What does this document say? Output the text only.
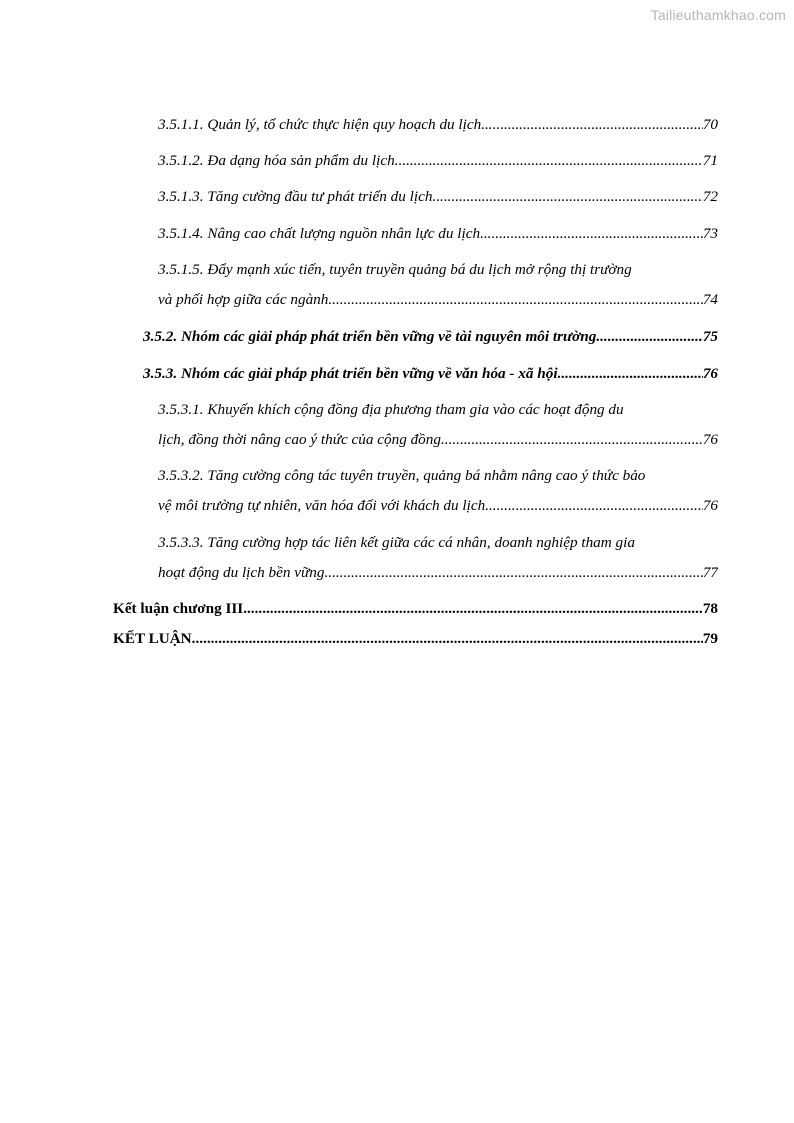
Tailieuthamkhao.com
3.5.1.1. Quản lý, tổ chức thực hiện quy hoạch du lịch .....	70
3.5.1.2. Đa dạng hóa sản phẩm du lịch .....	71
3.5.1.3. Tăng cường đầu tư phát triển du lịch .....	72
3.5.1.4. Nâng cao chất lượng nguồn nhân lực du lịch .....	73
3.5.1.5. Đẩy mạnh xúc tiến, tuyên truyền quảng bá du lịch mở rộng thị trường
và phối hợp giữa các ngành. .....	74
3.5.2. Nhóm các giải pháp phát triển bền vững về tài nguyên môi trường .....	75
3.5.3. Nhóm các giải pháp phát triển bền vững về văn hóa - xã hội .....	76
3.5.3.1. Khuyến khích cộng đồng địa phương tham gia vào các hoạt động du
lịch, đồng thời nâng cao ý thức của cộng đồng .....	76
3.5.3.2. Tăng cường công tác tuyên truyền, quảng bá nhằm nâng cao ý thức bảo
vệ môi trường tự nhiên, văn hóa đối với khách du lịch .....	76
3.5.3.3. Tăng cường hợp tác liên kết giữa các cá nhân, doanh nghiệp tham gia
hoạt động du lịch bền vững .....	77
Kết luận chương III .....	78
KẾT LUẬN .....	79
